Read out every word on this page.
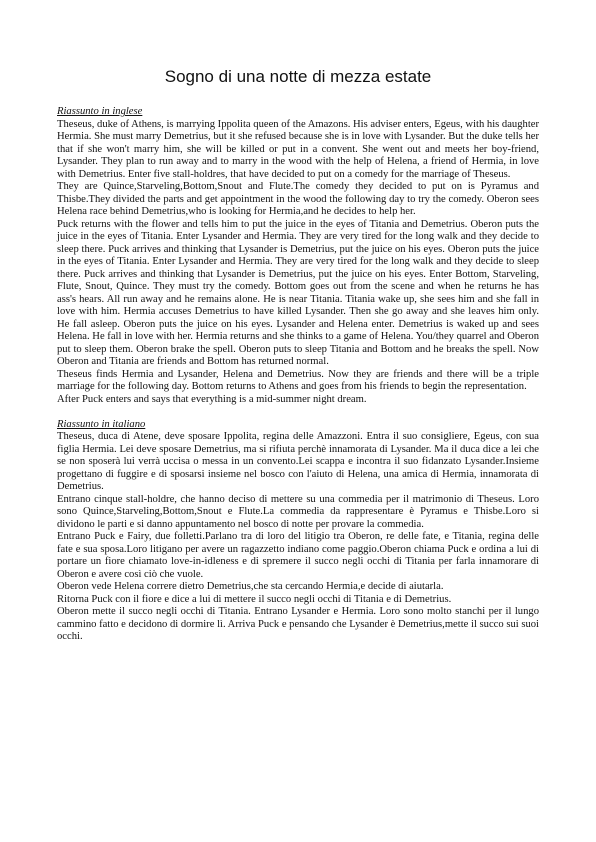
Sogno di una notte di mezza estate
Riassunto in inglese

Theseus, duke of Athens, is marrying Ippolita queen of the Amazons. His adviser enters, Egeus, with his daughter Hermia. She must marry Demetrius, but it she refused because she is in love with Lysander. But the duke tells her that if she won't marry him, she will be killed or put in a convent. She went out and meets her boy-friend, Lysander. They plan to run away and to marry in the wood with the help of Helena, a friend of Hermia, in love with Demetrius. Enter five stall-holdres, that have decided to put on a comedy for the marriage of Theseus.

They are Quince,Starveling,Bottom,Snout and Flute.The comedy they decided to put on is Pyramus and Thisbe.They divided the parts and get appointment in the wood the following day to try the comedy. Oberon sees Helena race behind Demetrius,who is looking for Hermia,and he decides to help her.

Puck returns with the flower and tells him to put the juice in the eyes of Titania and Demetrius. Oberon puts the juice in the eyes of Titania. Enter Lysander and Hermia. They are very tired for the long walk and they decide to sleep there. Puck arrives and thinking that Lysander is Demetrius, put the juice on his eyes. Oberon puts the juice in the eyes of Titania. Enter Lysander and Hermia. They are very tired for the long walk and they decide to sleep there. Puck arrives and thinking that Lysander is Demetrius, put the juice on his eyes. Enter Bottom, Starveling, Flute, Snout, Quince. They must try the comedy. Bottom goes out from the scene and when he returns he has ass's hears. All run away and he remains alone. He is near Titania. Titania wake up, she sees him and she fall in love with him. Hermia accuses Demetrius to have killed Lysander. Then she go away and she leaves him only. He fall asleep. Oberon puts the juice on his eyes. Lysander and Helena enter. Demetrius is waked up and sees Helena. He fall in love with her. Hermia returns and she thinks to a game of Helena. You/they quarrel and Oberon put to sleep them. Oberon brake the spell. Oberon puts to sleep Titania and Bottom and he breaks the spell. Now Oberon and Titania are friends and Bottom has returned normal.

Theseus finds Hermia and Lysander, Helena and Demetrius. Now they are friends and there will be a triple marriage for the following day. Bottom returns to Athens and goes from his friends to begin the representation.

After Puck enters and says that everything is a mid-summer night dream.

Riassunto in italiano

Theseus, duca di Atene, deve sposare Ippolita, regina delle Amazzoni. Entra il suo consigliere, Egeus, con sua figlia Hermia. Lei deve sposare Demetrius, ma si rifiuta perchè innamorata di Lysander. Ma il duca dice a lei che se non sposerà lui verrà uccisa o messa in un convento.Lei scappa e incontra il suo fidanzato Lysander.Insieme progettano di fuggire e di sposarsi insieme nel bosco con l'aiuto di Helena, una amica di Hermia, innamorata di Demetrius.

Entrano cinque stall-holdre, che hanno deciso di mettere su una commedia per il matrimonio di Theseus. Loro sono Quince,Starveling,Bottom,Snout e Flute.La commedia da rappresentare è Pyramus e Thisbe.Loro si dividono le parti e si danno appuntamento nel bosco di notte per provare la commedia.

Entrano Puck e Fairy, due folletti.Parlano tra di loro del litigio tra Oberon, re delle fate, e Titania, regina delle fate e sua sposa.Loro litigano per avere un ragazzetto indiano come paggio.Oberon chiama Puck e ordina a lui di portare un fiore chiamato love-in-idleness e di spremere il succo negli occhi di Titania per farla innamorare di Oberon e avere così ciò che vuole.

Oberon vede Helena correre dietro Demetrius,che sta cercando Hermia,e decide di aiutarla.

Ritorna Puck con il fiore e dice a lui di mettere il succo negli occhi di Titania e di Demetrius.

Oberon mette il succo negli occhi di Titania. Entrano Lysander e Hermia. Loro sono molto stanchi per il lungo cammino fatto e decidono di dormire lì. Arriva Puck e pensando che Lysander è Demetrius,mette il succo sui suoi occhi.
